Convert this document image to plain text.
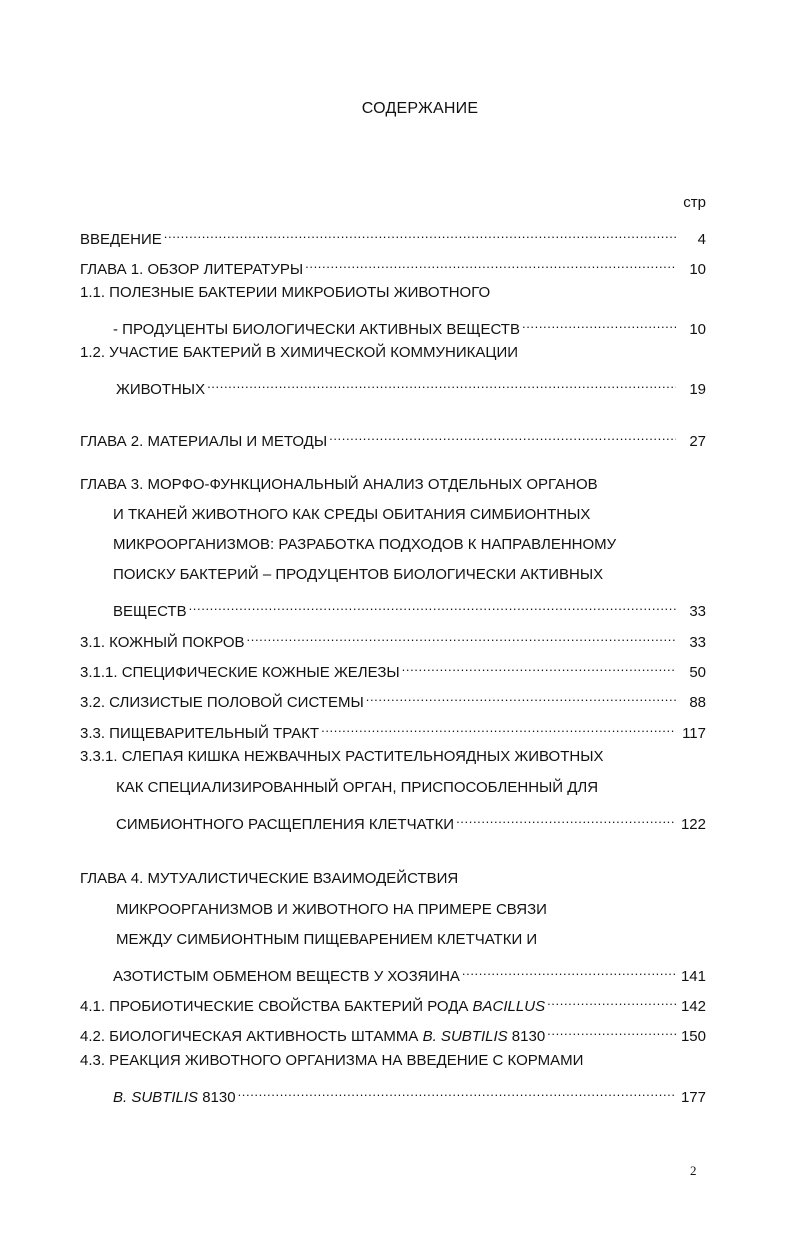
СОДЕРЖАНИЕ
стр
ВВЕДЕНИЕ .....	4
ГЛАВА 1. ОБЗОР ЛИТЕРАТУРЫ .....	10
1.1. ПОЛЕЗНЫЕ БАКТЕРИИ МИКРОБИОТЫ ЖИВОТНОГО
- ПРОДУЦЕНТЫ БИОЛОГИЧЕСКИ АКТИВНЫХ ВЕЩЕСТВ .....	10
1.2. УЧАСТИЕ БАКТЕРИЙ В ХИМИЧЕСКОЙ КОММУНИКАЦИИ
ЖИВОТНЫХ .....	19
ГЛАВА 2. МАТЕРИАЛЫ И МЕТОДЫ .....	27
ГЛАВА 3. МОРФО-ФУНКЦИОНАЛЬНЫЙ АНАЛИЗ ОТДЕЛЬНЫХ ОРГАНОВ
И ТКАНЕЙ ЖИВОТНОГО КАК СРЕДЫ ОБИТАНИЯ СИМБИОНТНЫХ
МИКРООРГАНИЗМОВ: РАЗРАБОТКА ПОДХОДОВ К НАПРАВЛЕННОМУ
ПОИСКУ БАКТЕРИЙ – ПРОДУЦЕНТОВ БИОЛОГИЧЕСКИ АКТИВНЫХ
ВЕЩЕСТВ .....	33
3.1. КОЖНЫЙ ПОКРОВ .....	33
3.1.1. СПЕЦИФИЧЕСКИЕ КОЖНЫЕ ЖЕЛЕЗЫ .....	50
3.2. СЛИЗИСТЫЕ ПОЛОВОЙ СИСТЕМЫ .....	88
3.3. ПИЩЕВАРИТЕЛЬНЫЙ ТРАКТ .....	117
3.3.1. СЛЕПАЯ КИШКА НЕЖВАЧНЫХ РАСТИТЕЛЬНОЯДНЫХ ЖИВОТНЫХ
КАК СПЕЦИАЛИЗИРОВАННЫЙ ОРГАН, ПРИСПОСОБЛЕННЫЙ ДЛЯ
СИМБИОНТНОГО РАСЩЕПЛЕНИЯ КЛЕТЧАТКИ .....	122
ГЛАВА 4. МУТУАЛИСТИЧЕСКИЕ ВЗАИМОДЕЙСТВИЯ
МИКРООРГАНИЗМОВ И ЖИВОТНОГО НА ПРИМЕРЕ СВЯЗИ
МЕЖДУ СИМБИОНТНЫМ ПИЩЕВАРЕНИЕМ КЛЕТЧАТКИ И
АЗОТИСТЫМ ОБМЕНОМ ВЕЩЕСТВ У ХОЗЯИНА .....	141
4.1. ПРОБИОТИЧЕСКИЕ СВОЙСТВА БАКТЕРИЙ РОДА BACILLUS .....	142
4.2. БИОЛОГИЧЕСКАЯ АКТИВНОСТЬ ШТАММА B. SUBTILIS 8130 .....	150
4.3. РЕАКЦИЯ ЖИВОТНОГО ОРГАНИЗМА НА ВВЕДЕНИЕ С КОРМАМИ
B. SUBTILIS 8130 .....	177
2
